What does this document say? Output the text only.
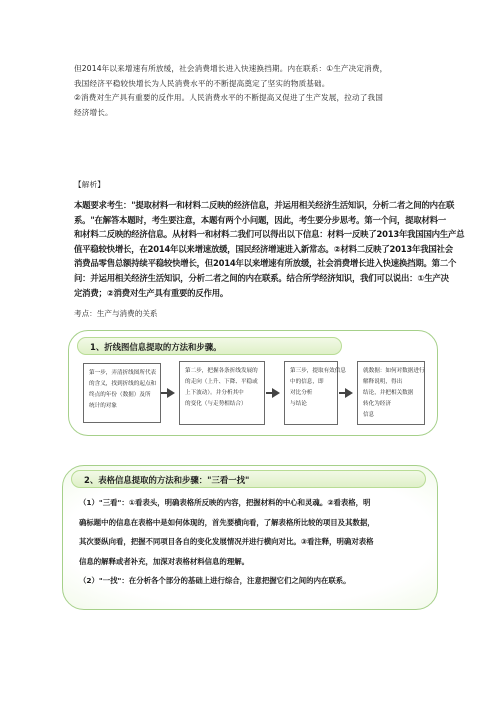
但2014年以来增速有所放缓，社会消费增长进入快速换挡期。内在联系：①生产决定消费，
我国经济平稳较快增长为人民消费水平的不断提高奠定了坚实的物质基础。
②消费对生产具有重要的反作用。人民消费水平的不断提高又促进了生产发展，拉动了我国
经济增长。
【解析】
本题要求考生："提取材料一和材料二反映的经济信息，并运用相关经济生活知识，分析二者之间的内在联
系。"在解答本题时，考生要注意，本题有两个小问题，因此，考生要分步思考。第一个问，提取材料一
和材料二反映的经济信息。从材料一和材料二我们可以得出以下信息：材料一反映了2013年我国国内生产总
值平稳较快增长，在2014年以来增速放缓，国民经济增速进入新常态。②材料二反映了2013年我国社会
消费品零售总额持续平稳较快增长，但2014年以来增速有所放缓，社会消费增长进入快速换挡期。第二个
问：并运用相关经济生活知识，分析二者之间的内在联系。结合所学经济知识，我们可以说出：①生产决
定消费；②消费对生产具有重要的反作用。
考点：生产与消费的关系
1、折线图信息提取的方法和步骤。
第一步，弄清折线图所代表
的含义，找到折线的起点和
终点的年份（数据）及所
统计的对象
第二步，把握各条折线发展的
的走向（上升、下降、平稳或
上下波动）。并分析其中
的变化（与走势相结合）
第三步，提取有效信息
中的信息，即
对比分析
与结论
就数据：如何对数据进行
解释说明，得出
结论，并把相关数据
转化为经济
信息
2、表格信息提取的方法和步骤："三看一找"
（1）"三看"：①看表头，明确表格所反映的内容，把握材料的中心和灵魂。②看表格，明
确标题中的信息在表格中是如何体现的，首先要横向看，了解表格所比较的项目及其数据，
其次要纵向看，把握不同项目各自的变化发展情况并进行横向对比。③看注释，明确对表格
信息的解释或者补充，加深对表格材料信息的理解。
（2）"一找"：在分析各个部分的基础上进行综合，注意把握它们之间的内在联系。
